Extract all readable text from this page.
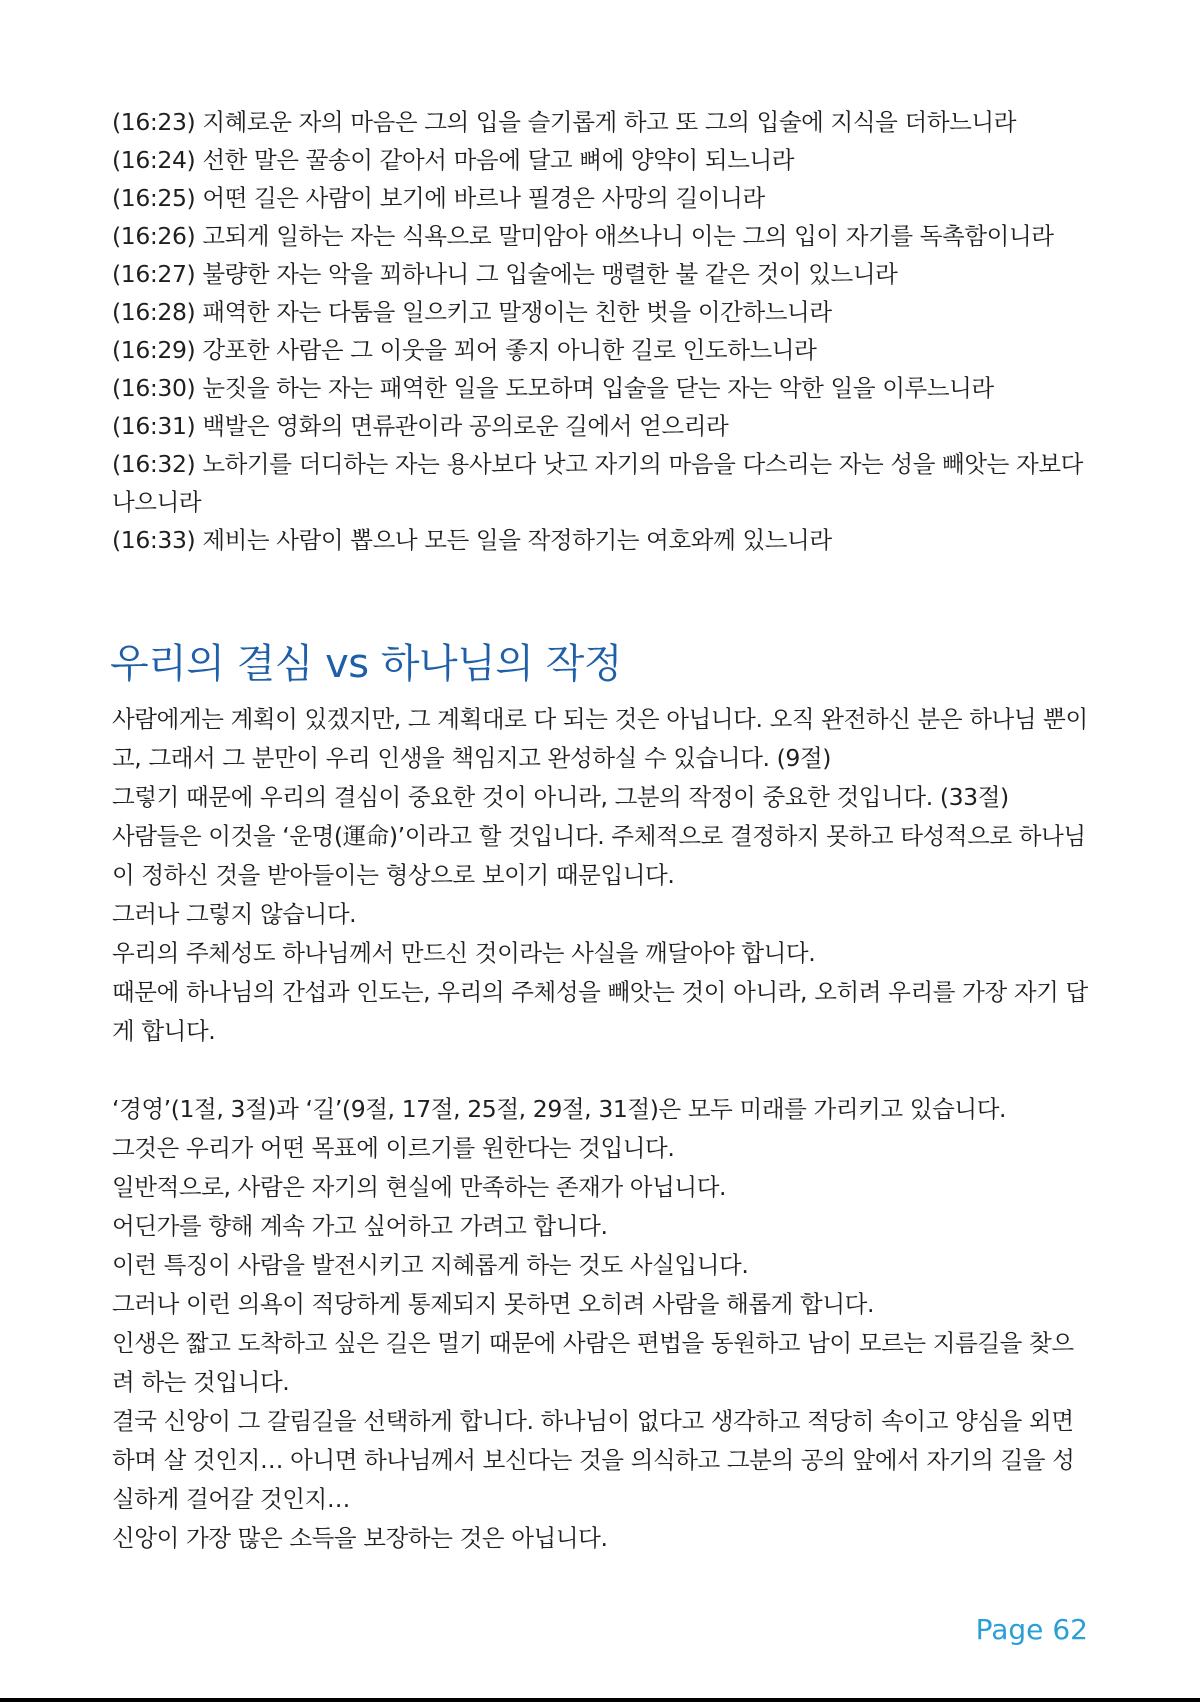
(16:23) 지혜로운 자의 마음은 그의 입을 슬기롭게 하고 또 그의 입술에 지식을 더하느니라

(16:24) 선한 말은 꿀송이 같아서 마음에 달고 뼈에 양약이 되느니라

(16:25) 어떤 길은 사람이 보기에 바르나 필경은 사망의 길이니라

(16:26) 고되게 일하는 자는 식욕으로 말미암아 애쓰나니 이는 그의 입이 자기를 독촉함이니라

(16:27) 불량한 자는 악을 꾀하나니 그 입술에는 맹렬한 불 같은 것이 있느니라

(16:28) 패역한 자는 다툼을 일으키고 말쟁이는 친한 벗을 이간하느니라

(16:29) 강포한 사람은 그 이웃을 꾀어 좋지 아니한 길로 인도하느니라

(16:30) 눈짓을 하는 자는 패역한 일을 도모하며 입술을 닫는 자는 악한 일을 이루느니라

(16:31) 백발은 영화의 면류관이라 공의로운 길에서 얻으리라

(16:32) 노하기를 더디하는 자는 용사보다 낫고 자기의 마음을 다스리는 자는 성을 빼앗는 자보다 나으니라

(16:33) 제비는 사람이 뽑으나 모든 일을 작정하기는 여호와께 있느니라

우리의 결심 vs 하나님의 작정

사람에게는 계획이 있겠지만, 그 계획대로 다 되는 것은 아닙니다. 오직 완전하신 분은 하나님 뿐이고, 그래서 그 분만이 우리 인생을 책임지고 완성하실 수 있습니다. (9절)

그렇기 때문에 우리의 결심이 중요한 것이 아니라, 그분의 작정이 중요한 것입니다. (33절)

사람들은 이것을 ‘운명(運命)’이라고 할 것입니다. 주체적으로 결정하지 못하고 타성적으로 하나님이 정하신 것을 받아들이는 형상으로 보이기 때문입니다.

그러나 그렇지 않습니다.

우리의 주체성도 하나님께서 만드신 것이라는 사실을 깨달아야 합니다.

때문에 하나님의 간섭과 인도는, 우리의 주체성을 빼앗는 것이 아니라, 오히려 우리를 가장 자기 답게 합니다.

‘경영’(1절, 3절)과 ‘길’(9절, 17절, 25절, 29절, 31절)은 모두 미래를 가리키고 있습니다.

그것은 우리가 어떤 목표에 이르기를 원한다는 것입니다.

일반적으로, 사람은 자기의 현실에 만족하는 존재가 아닙니다.

어딘가를 향해 계속 가고 싶어하고 가려고 합니다.

이런 특징이 사람을 발전시키고 지혜롭게 하는 것도 사실입니다.

그러나 이런 의욕이 적당하게 통제되지 못하면 오히려 사람을 해롭게 합니다.

인생은 짧고 도착하고 싶은 길은 멀기 때문에 사람은 편법을 동원하고 남이 모르는 지름길을 찾으려 하는 것입니다.

결국 신앙이 그 갈림길을 선택하게 합니다. 하나님이 없다고 생각하고 적당히 속이고 양심을 외면하며 살 것인지… 아니면 하나님께서 보신다는 것을 의식하고 그분의 공의 앞에서 자기의 길을 성실하게 걸어갈 것인지…

신앙이 가장 많은 소득을 보장하는 것은 아닙니다.

Page 62
